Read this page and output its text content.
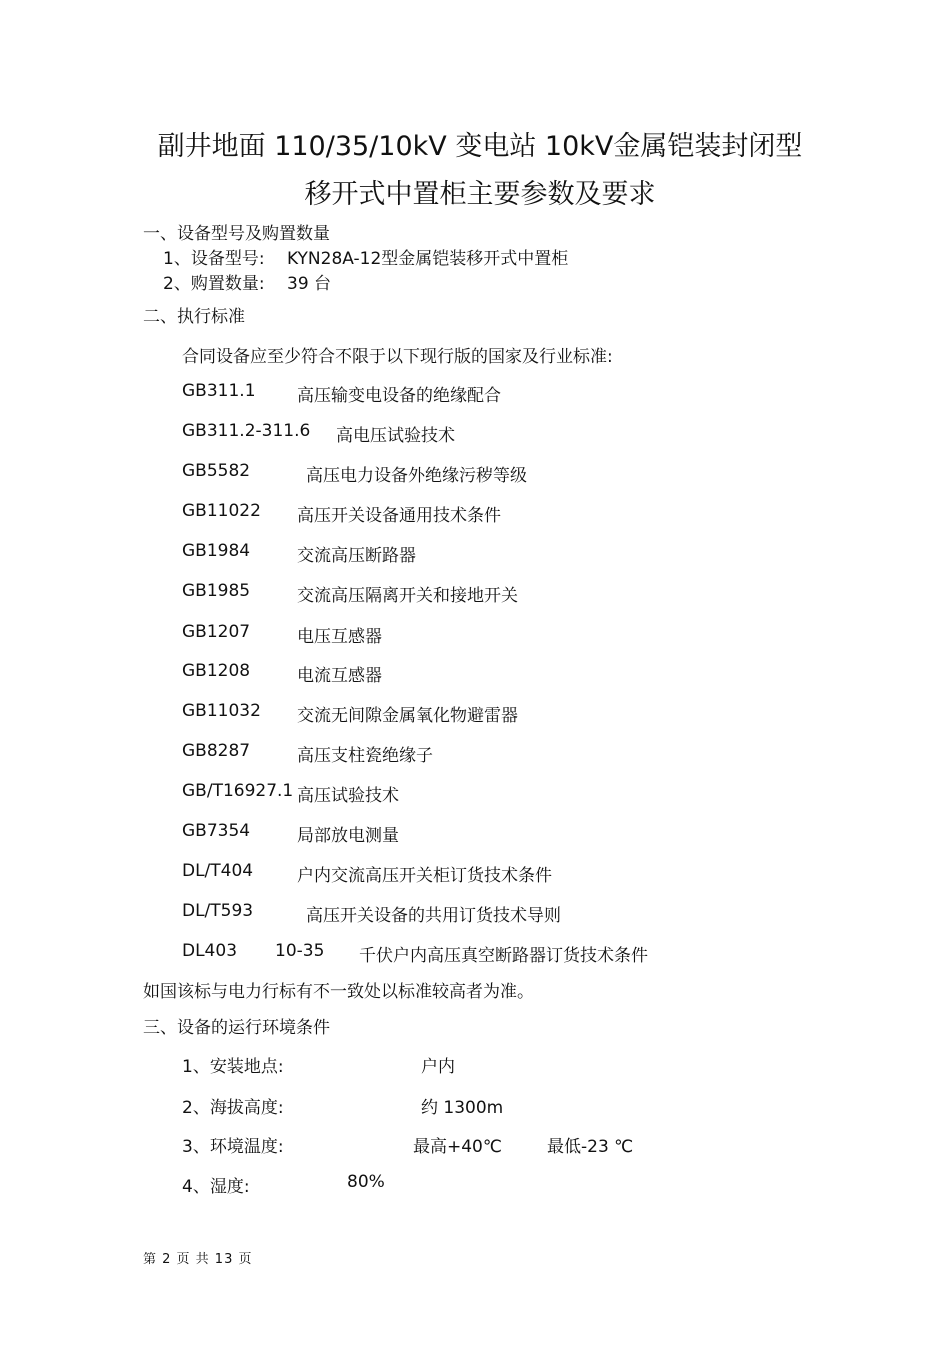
副井地面 110/35/10kV 变电站 10kV金属铠装封闭型
移开式中置柜主要参数及要求
一、设备型号及购置数量
1、设备型号: KYN28A-12型金属铠装移开式中置柜
2、购置数量: 39 台
二、执行标准
合同设备应至少符合不限于以下现行版的国家及行业标准:
GB311.1 高压输变电设备的绝缘配合
GB311.2-311.6 高电压试验技术
GB5582	高压电力设备外绝缘污秽等级
GB11022 高压开关设备通用技术条件
GB1984	交流高压断路器
GB1985	交流高压隔离开关和接地开关
GB1207	电压互感器
GB1208	电流互感器
GB11032 交流无间隙金属氧化物避雷器
GB8287	高压支柱瓷绝缘子
GB/T16927.1 高压试验技术
GB7354	局部放电测量
DL/T404	户内交流高压开关柜订货技术条件
DL/T593	高压开关设备的共用订货技术导则
DL403 10-35 千伏户内高压真空断路器订货技术条件
如国该标与电力行标有不一致处以标准较高者为准。
三、设备的运行环境条件
1、安装地点:	户内
2、海拔高度:	约 1300m
3、环境温度:	最高+40℃	最低-23 ℃
4、湿度:	80%
第 2 页 共 13 页
